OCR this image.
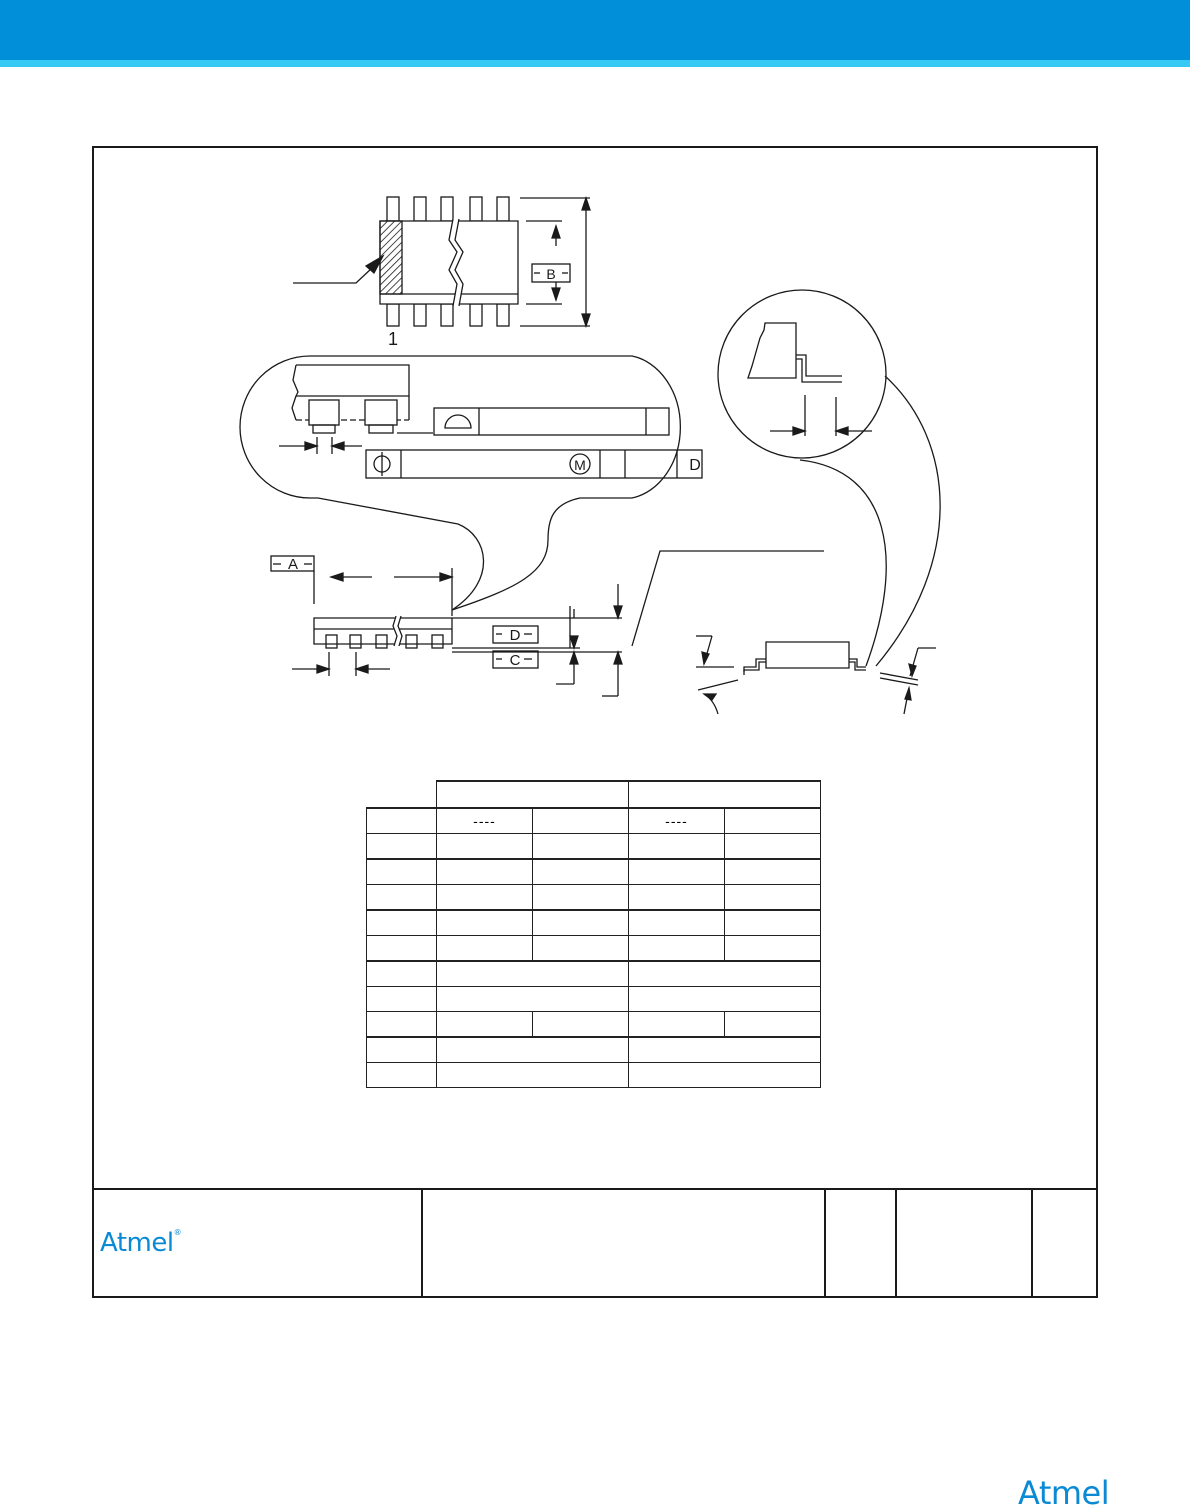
B
1
M	D
A
D
C

	----		----	

Atmel®
Atmel
